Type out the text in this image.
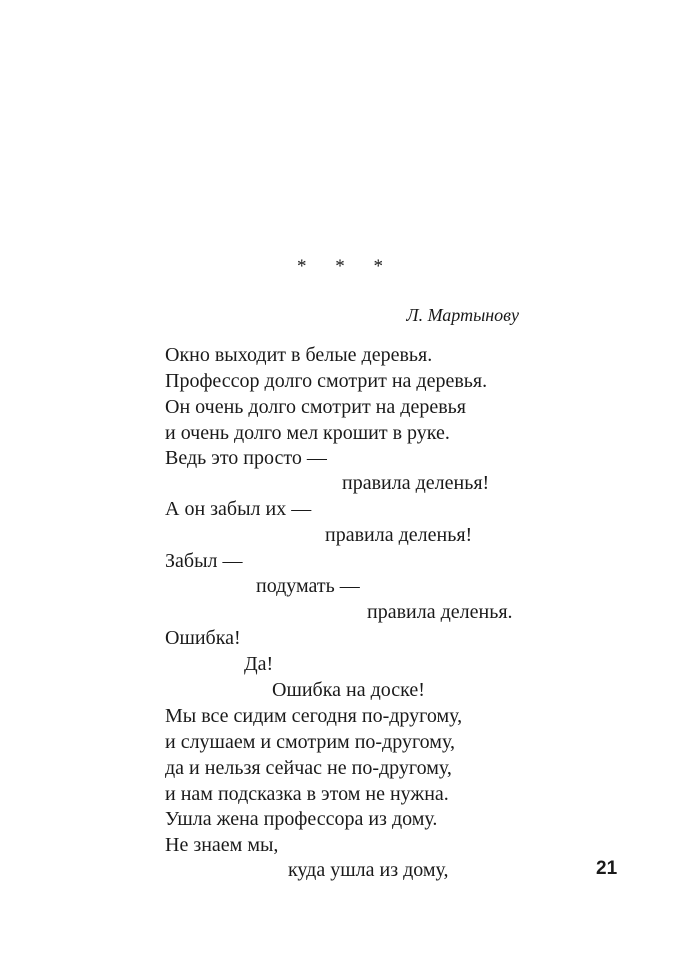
* * *
Л. Мартынову
Окно выходит в белые деревья.
Профессор долго смотрит на деревья.
Он очень долго смотрит на деревья
и очень долго мел крошит в руке.
Ведь это просто —
правила деленья!
А он забыл их —
правила деленья!
Забыл —
подумать —
правила деленья.
Ошибка!
Да!
Ошибка на доске!
Мы все сидим сегодня по-другому,
и слушаем и смотрим по-другому,
да и нельзя сейчас не по-другому,
и нам подсказка в этом не нужна.
Ушла жена профессора из дому.
Не знаем мы,
куда ушла из дому,	21
